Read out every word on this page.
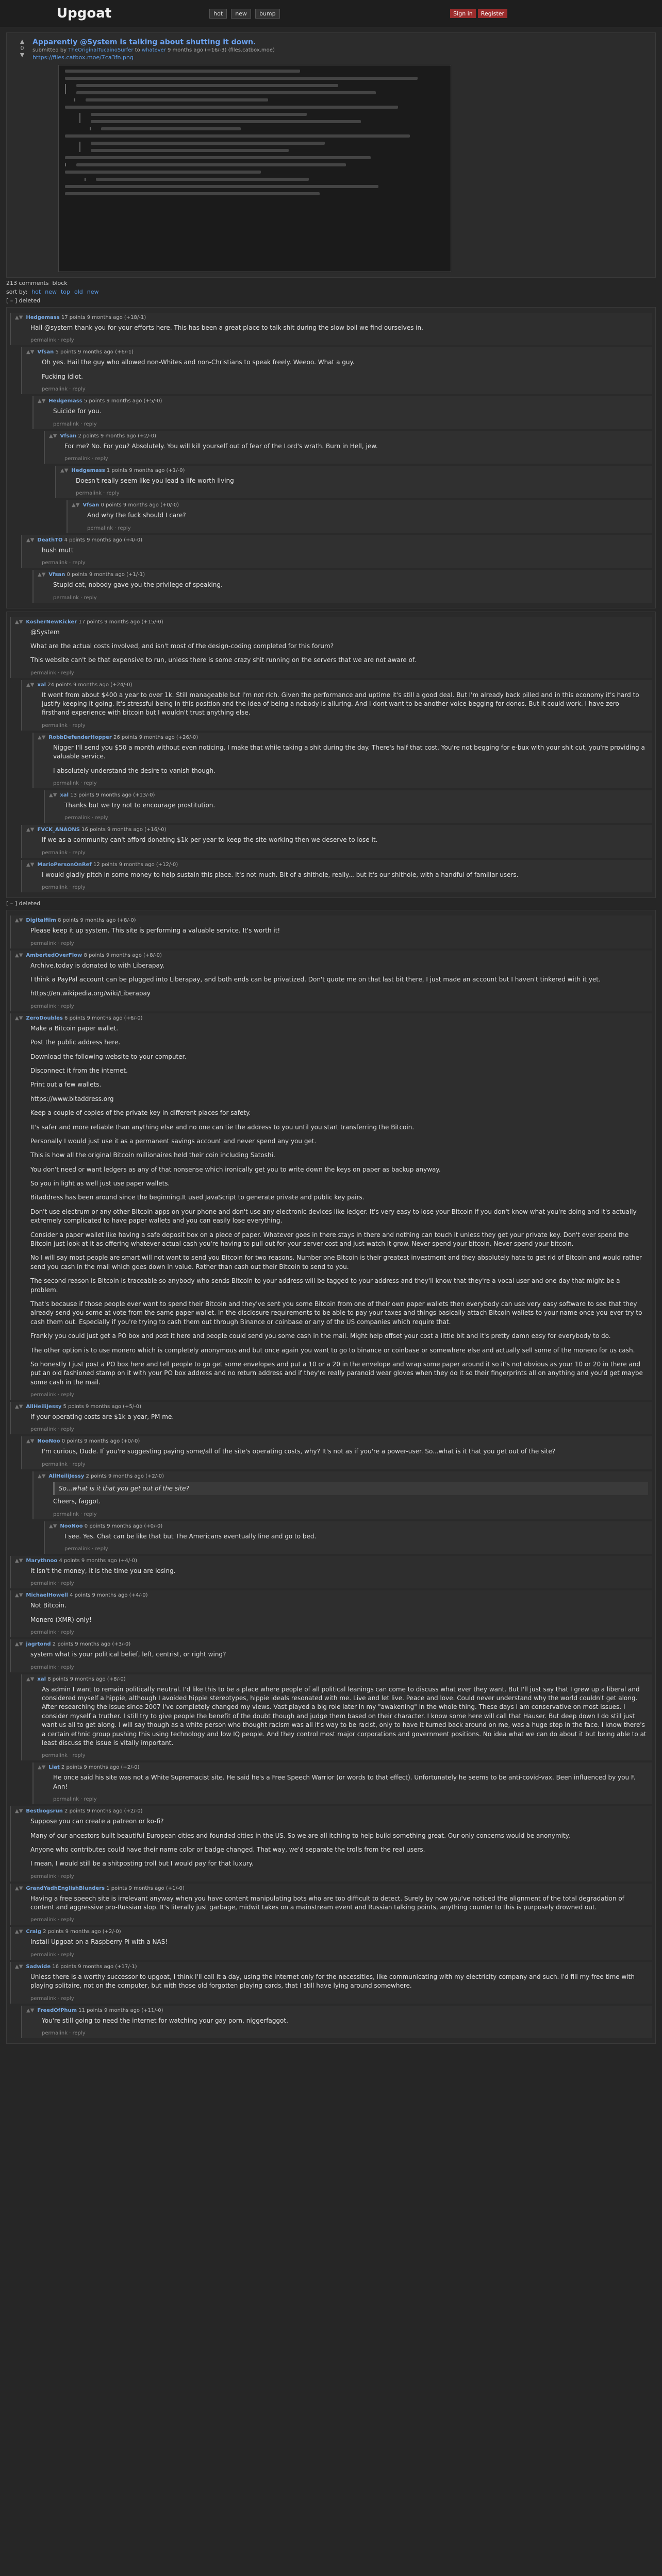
Upgoat	hot	new	bump	Sign in	Register
▲
0
▼
Apparently @System is talking about shutting it down.
submitted by TheOriginalTucainoSurfer to whatever 9 months ago (+16/-3) (files.catbox.moe)
https://files.catbox.moe/7ca3fn.png
213 comments block
sort by: hot new top old new
[ – ] deleted
▲▼ Hedgemass 17 points 9 months ago (+18/-1)

Hail @system thank you for your efforts here. This has been a great place to talk shit during the slow boil we find ourselves in.

permalink · reply
▲▼ Vfsan 5 points 9 months ago (+6/-1)

Oh yes. Hail the guy who allowed non-Whites and non-Christians to speak freely. Weeoo. What a guy.

Fucking idiot.

permalink · reply
▲▼ Hedgemass 5 points 9 months ago (+5/-0)

Suicide for you.

permalink · reply
▲▼ Vfsan 2 points 9 months ago (+2/-0)

For me? No. For you? Absolutely. You will kill yourself out of fear of the Lord's wrath. Burn in Hell, jew.

permalink · reply
▲▼ Hedgemass 1 points 9 months ago (+1/-0)

Doesn't really seem like you lead a life worth living

permalink · reply
▲▼ Vfsan 0 points 9 months ago (+0/-0)

And why the fuck should I care?

permalink · reply
▲▼ DeathTO 4 points 9 months ago (+4/-0)

hush mutt

permalink · reply
▲▼ Vfsan 0 points 9 months ago (+1/-1)

Stupid cat, nobody gave you the privilege of speaking.

permalink · reply
▲▼ KosherNewKicker 17 points 9 months ago (+15/-0)

@System

What are the actual costs involved, and isn't most of the design-coding completed for this forum?

This website can't be that expensive to run, unless there is some crazy shit running on the servers that we are not aware of.

permalink · reply
▲▼ xal 24 points 9 months ago (+24/-0)

It went from about $400 a year to over 1k. Still manageable but I'm not rich. Given the performance and uptime it's still a good deal. But I'm already back pilled and in this economy it's hard to justify keeping it going. It's stressful being in this position and the idea of being a nobody is alluring. And I dont want to be another voice begging for donos. But it could work. I have zero firsthand experience with bitcoin but I wouldn't trust anything else.

permalink · reply
▲▼ RobbDefenderHopper 26 points 9 months ago (+26/-0)

Nigger I'll send you $50 a month without even noticing. I make that while taking a shit during the day. There's half that cost. You're not begging for e-bux with your shit cut, you're providing a valuable service.

I absolutely understand the desire to vanish though.

permalink · reply
▲▼ xal 13 points 9 months ago (+13/-0)

Thanks but we try not to encourage prostitution.

permalink · reply
▲▼ FVCK_ANAONS 16 points 9 months ago (+16/-0)

If we as a community can't afford donating $1k per year to keep the site working then we deserve to lose it.

permalink · reply
▲▼ MarioPersonOnRef 12 points 9 months ago (+12/-0)

I would gladly pitch in some money to help sustain this place. It's not much. Bit of a shithole, really... but it's our shithole, with a handful of familiar users.

permalink · reply
[ – ] deleted
▲▼ Digitalfilm 8 points 9 months ago (+8/-0)

Please keep it up system. This site is performing a valuable service. It's worth it!

permalink · reply
▲▼ AmbertedOverFlow 8 points 9 months ago (+8/-0)

Archive.today is donated to with Liberapay.

I think a PayPal account can be plugged into Liberapay, and both ends can be privatized. Don't quote me on that last bit there, I just made an account but I haven't tinkered with it yet.

https://en.wikipedia.org/wiki/Liberapay

permalink · reply
▲▼ ZeroDoubles 6 points 9 months ago (+6/-0)

Make a Bitcoin paper wallet.

Post the public address here.

Download the following website to your computer.

Disconnect it from the internet.

Print out a few wallets.

https://www.bitaddress.org

Keep a couple of copies of the private key in different places for safety.

It's safer and more reliable than anything else and no one can tie the address to you until you start transferring the Bitcoin.

Personally I would just use it as a permanent savings account and never spend any you get.

This is how all the original Bitcoin millionaires held their coin including Satoshi.

You don't need or want ledgers as any of that nonsense which ironically get you to write down the keys on paper as backup anyway.

So you in light as well just use paper wallets.

Bitaddress has been around since the beginning.It used JavaScript to generate private and public key pairs.

Don't use electrum or any other Bitcoin apps on your phone and don't use any electronic devices like ledger. It's very easy to lose your Bitcoin if you don't know what you're doing and it's actually extremely complicated to have paper wallets and you can easily lose everything.

Consider a paper wallet like having a safe deposit box on a piece of paper. Whatever goes in there stays in there and nothing can touch it unless they get your private key. Don't ever spend the Bitcoin just look at it as offering whatever actual cash you're having to pull out for your server cost and just watch it grow. Never spend your bitcoin. Never spend your bitcoin.

No I will say most people are smart will not want to send you Bitcoin for two reasons. Number one Bitcoin is their greatest investment and they absolutely hate to get rid of Bitcoin and would rather send you cash in the mail which goes down in value. Rather than cash out their Bitcoin to send to you.

The second reason is Bitcoin is traceable so anybody who sends Bitcoin to your address will be tagged to your address and they'll know that they're a vocal user and one day that might be a problem.

That's because if those people ever want to spend their Bitcoin and they've sent you some Bitcoin from one of their own paper wallets then everybody can use very easy software to see that they already send you some at vote from the same paper wallet. In the disclosure requirements to be able to pay your taxes and things basically attach Bitcoin wallets to your name once you ever try to cash them out. Especially if you're trying to cash them out through Binance or coinbase or any of the US companies which require that.

Frankly you could just get a PO box and post it here and people could send you some cash in the mail. Might help offset your cost a little bit and it's pretty damn easy for everybody to do.

The other option is to use monero which is completely anonymous and but once again you want to go to binance or coinbase or somewhere else and actually sell some of the monero for us cash.

So honestly I just post a PO box here and tell people to go get some envelopes and put a 10 or a 20 in the envelope and wrap some paper around it so it's not obvious as your 10 or 20 in there and put an old fashioned stamp on it with your PO box address and no return address and if they're really paranoid wear gloves when they do it so their fingerprints all on anything and you'd get maybe some cash in the mail.

permalink · reply
▲▼ AllHeiliJessy 5 points 9 months ago (+5/-0)

If your operating costs are $1k a year, PM me.

permalink · reply
▲▼ NooNoo 0 points 9 months ago (+0/-0)

I'm curious, Dude. If you're suggesting paying some/all of the site's operating costs, why? It's not as if you're a power-user. So...what is it that you get out of the site?

permalink · reply
▲▼ AllHeiliJessy 2 points 9 months ago (+2/-0)
So...what is it that you get out of the site?

Cheers, faggot.

permalink · reply
▲▼ NooNoo 0 points 9 months ago (+0/-0)

I see. Yes. Chat can be like that but The Americans eventually line and go to bed.

permalink · reply
▲▼ Marythnoo 4 points 9 months ago (+4/-0)

It isn't the money, it is the time you are losing.

permalink · reply
▲▼ MichaelHowell 4 points 9 months ago (+4/-0)

Not Bitcoin.

Monero (XMR) only!

permalink · reply
▲▼ jagrtond 2 points 9 months ago (+3/-0)

system what is your political belief, left, centrist, or right wing?

permalink · reply
▲▼ xal 8 points 9 months ago (+8/-0)

As admin I want to remain politically neutral. I'd like this to be a place where people of all political leanings can come to discuss what ever they want. But I'll just say that I grew up a liberal and considered myself a hippie, although I avoided hippie stereotypes, hippie ideals resonated with me. Live and let live. Peace and love. Could never understand why the world couldn't get along. After researching the issue since 2007 I've completely changed my views. Vast played a big role later in my "awakening" in the whole thing. These days I am conservative on most issues. I consider myself a truther. I still try to give people the benefit of the doubt though and judge them based on their character. I know some here will call that Hauser. But deep down I do still just want us all to get along. I will say though as a white person who thought racism was all it's way to be racist, only to have it turned back around on me, was a huge step in the face. I know there's a certain ethnic group pushing this using technology and low IQ people. And they control most major corporations and government positions. No idea what we can do about it but being able to at least discuss the issue is vitally important.

permalink · reply
▲▼ Liat 2 points 9 months ago (+2/-0)

He once said his site was not a White Supremacist site. He said he's a Free Speech Warrior (or words to that effect). Unfortunately he seems to be anti-covid-vax. Been influenced by you F. Ann!

permalink · reply
▲▼ Bestbogsrun 2 points 9 months ago (+2/-0)

Suppose you can create a patreon or ko-fi?

Many of our ancestors built beautiful European cities and founded cities in the US. So we are all itching to help build something great. Our only concerns would be anonymity.

Anyone who contributes could have their name color or badge changed. That way, we'd separate the trolls from the real users.

I mean, I would still be a shitposting troll but I would pay for that luxury.

permalink · reply
▲▼ GrandYadhEnglishBlunders 1 points 9 months ago (+1/-0)

Having a free speech site is irrelevant anyway when you have content manipulating bots who are too difficult to detect. Surely by now you've noticed the alignment of the total degradation of content and aggressive pro-Russian slop. It's literally just garbage, midwit takes on a mainstream event and Russian talking points, anything counter to this is purposely drowned out.

permalink · reply
▲▼ Cralg 2 points 9 months ago (+2/-0)

Install Upgoat on a Raspberry Pi with a NAS!

permalink · reply
▲▼ Sadwide 16 points 9 months ago (+17/-1)

Unless there is a worthy successor to upgoat, I think I'll call it a day, using the internet only for the necessities, like communicating with my electricity company and such. I'd fill my free time with playing solitaire, not on the computer, but with those old forgotten playing cards, that I still have lying around somewhere.

permalink · reply
▲▼ FreedOfPhum 11 points 9 months ago (+11/-0)

You're still going to need the internet for watching your gay porn, niggerfaggot.

permalink · reply
